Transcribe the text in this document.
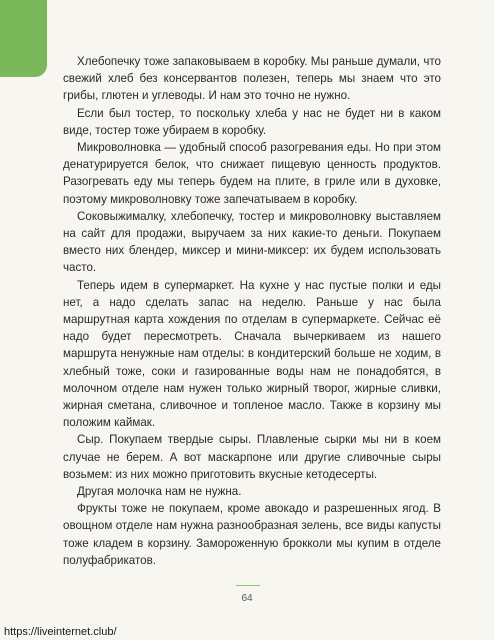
Хлебопечку тоже запаковываем в коробку. Мы раньше думали, что свежий хлеб без консервантов полезен, теперь мы знаем что это грибы, глютен и углеводы. И нам это точно не нужно.

Если был тостер, то поскольку хлеба у нас не будет ни в каком виде, тостер тоже убираем в коробку.

Микроволновка — удобный способ разогревания еды. Но при этом денатурируется белок, что снижает пищевую ценность продуктов. Разогревать еду мы теперь будем на плите, в гриле или в духовке, поэтому микроволновку тоже запечатываем в коробку.

Соковыжималку, хлебопечку, тостер и микроволновку выставляем на сайт для продажи, выручаем за них какие-то деньги. Покупаем вместо них блендер, миксер и мини-миксер: их будем использовать часто.

Теперь идем в супермаркет. На кухне у нас пустые полки и еды нет, а надо сделать запас на неделю. Раньше у нас была маршрутная карта хождения по отделам в супермаркете. Сейчас её надо будет пересмотреть. Сначала вычеркиваем из нашего маршрута ненужные нам отделы: в кондитерский больше не ходим, в хлебный тоже, соки и газированные воды нам не понадобятся, в молочном отделе нам нужен только жирный творог, жирные сливки, жирная сметана, сливочное и топленое масло. Также в корзину мы положим каймак.

Сыр. Покупаем твердые сыры. Плавленые сырки мы ни в коем случае не берем. А вот маскарпоне или другие сливочные сыры возьмем: из них можно приготовить вкусные кетодесерты.

Другая молочка нам не нужна.

Фрукты тоже не покупаем, кроме авокадо и разрешенных ягод. В овощном отделе нам нужна разнообразная зелень, все виды капусты тоже кладем в корзину. Замороженную брокколи мы купим в отделе полуфабрикатов.

64
https://liveinternet.club/
